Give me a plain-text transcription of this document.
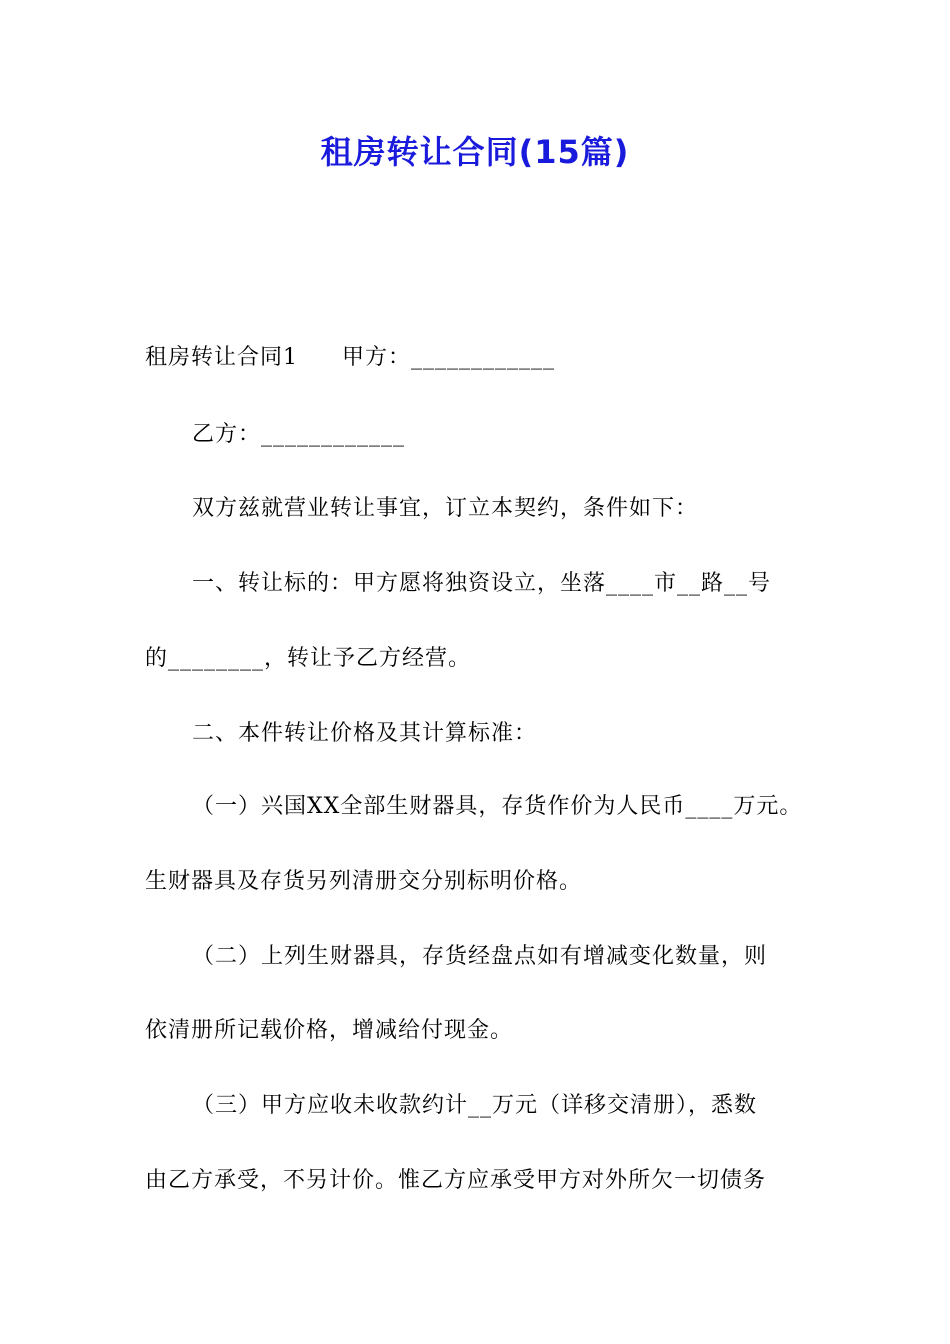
租房转让合同(15篇)
租房转让合同1 甲方：____________
乙方：____________
双方兹就营业转让事宜，订立本契约，条件如下：
一、转让标的：甲方愿将独资设立，坐落____市__路__号
的________，转让予乙方经营。
二、本件转让价格及其计算标准：
（一）兴国XX全部生财器具，存货作价为人民币____万元。
生财器具及存货另列清册交分别标明价格。
（二）上列生财器具，存货经盘点如有增减变化数量，则
依清册所记载价格，增减给付现金。
（三）甲方应收未收款约计__万元（详移交清册），悉数
由乙方承受，不另计价。惟乙方应承受甲方对外所欠一切债务
